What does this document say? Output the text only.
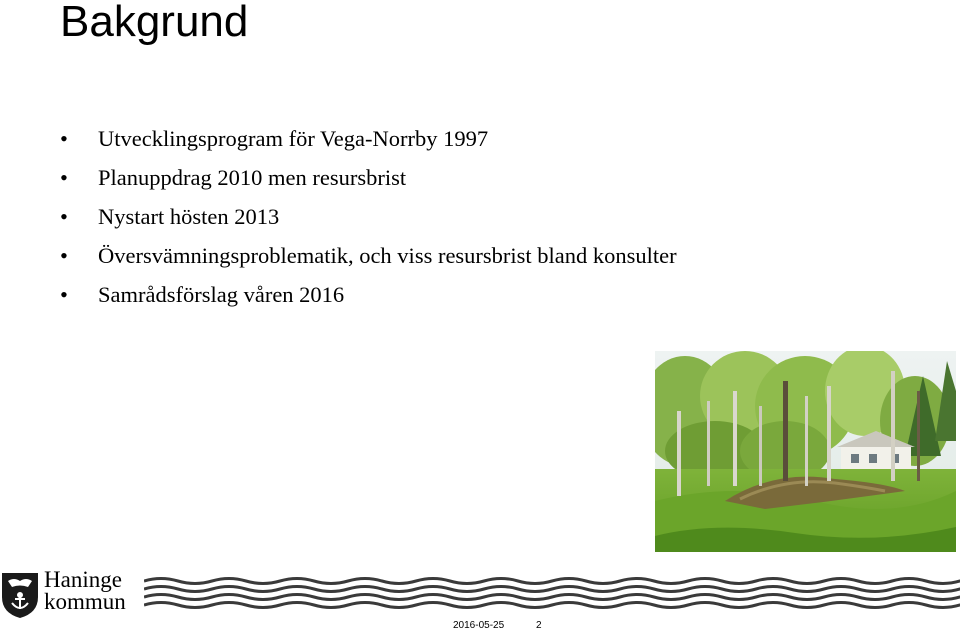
Bakgrund
• Utvecklingsprogram för Vega-Norrby 1997
• Planuppdrag 2010 men resursbrist
• Nystart hösten 2013
• Översvämningsproblematik, och viss resursbrist bland konsulter
• Samrådsförslag våren 2016
Haninge
kommun
2016-05-25	2
